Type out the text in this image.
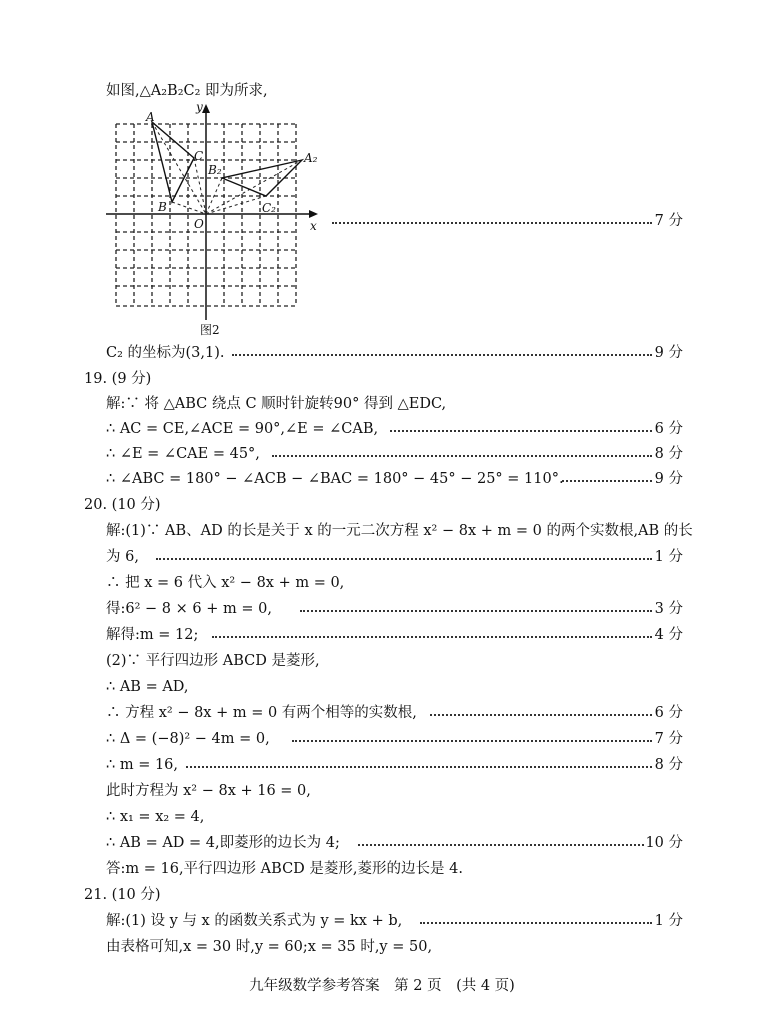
如图,△A₂B₂C₂ 即为所求,
A
B
C	A₂
B₂
C₂
O	x
y
图2
7 分
C₂ 的坐标为(3,1).	9 分
19. (9 分)
解:∵ 将 △ABC 绕点 C 顺时针旋转90° 得到 △EDC,
∴ AC = CE,∠ACE = 90°,∠E = ∠CAB,	6 分
∴ ∠E = ∠CAE = 45°,	8 分
∴ ∠ABC = 180° − ∠ACB − ∠BAC = 180° − 45° − 25° = 110°.	9 分
20. (10 分)
解:(1)∵ AB、AD 的长是关于 x 的一元二次方程 x² − 8x + m = 0 的两个实数根,AB 的长
为 6,	1 分
∴ 把 x = 6 代入 x² − 8x + m = 0,
得:6² − 8 × 6 + m = 0,	3 分
解得:m = 12;	4 分
(2)∵ 平行四边形 ABCD 是菱形,
∴ AB = AD,
∴ 方程 x² − 8x + m = 0 有两个相等的实数根,	6 分
∴ Δ = (−8)² − 4m = 0,	7 分
∴ m = 16,	8 分
此时方程为 x² − 8x + 16 = 0,
∴ x₁ = x₂ = 4,
∴ AB = AD = 4,即菱形的边长为 4;	10 分
答:m = 16,平行四边形 ABCD 是菱形,菱形的边长是 4.
21. (10 分)
解:(1) 设 y 与 x 的函数关系式为 y = kx + b,	1 分
由表格可知,x = 30 时,y = 60;x = 35 时,y = 50,
九年级数学参考答案　第 2 页　(共 4 页)
